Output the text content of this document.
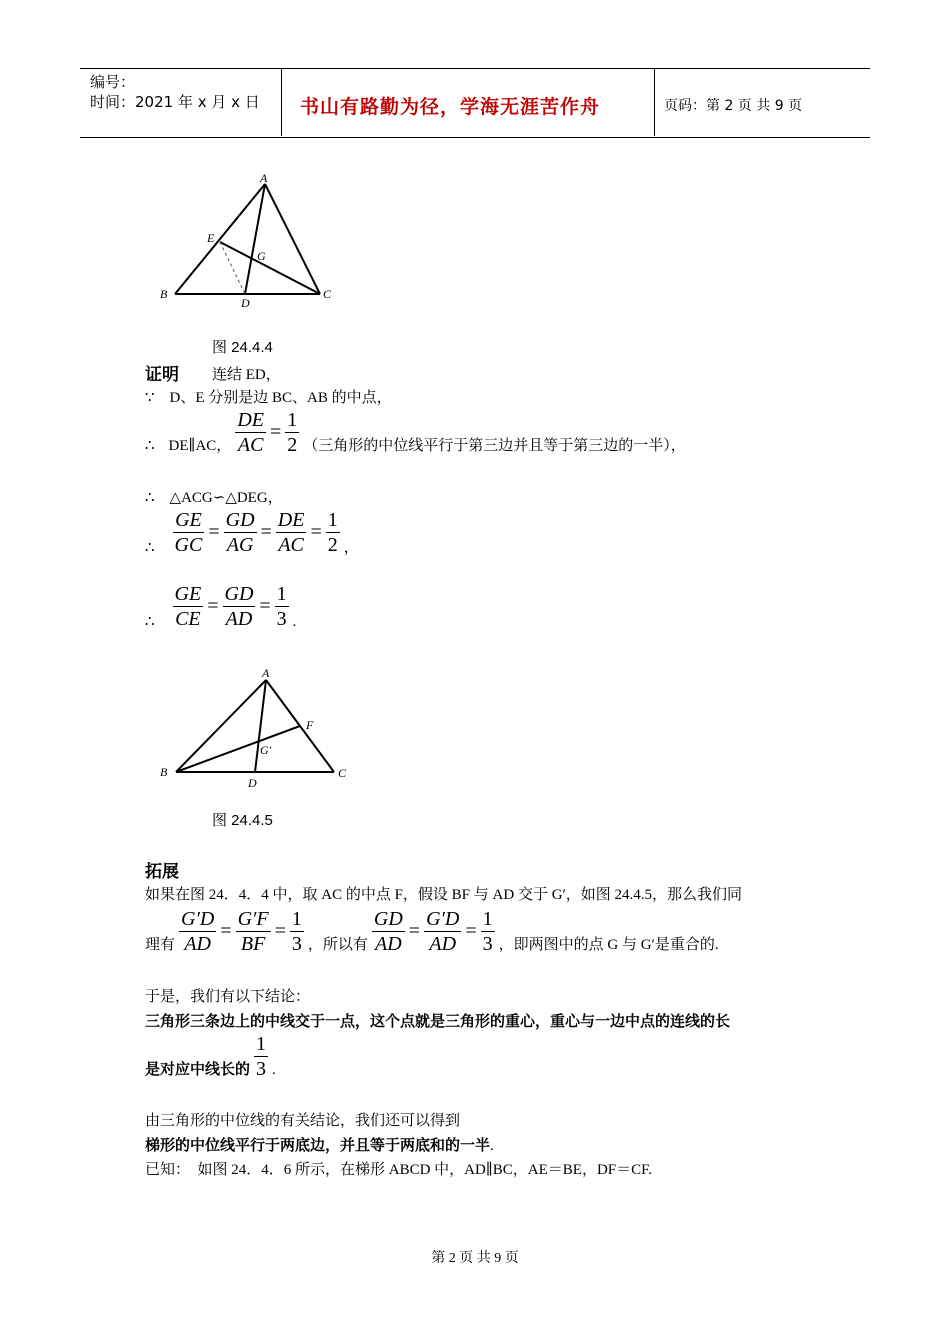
编号：
时间：2021 年 x 月 x 日 书山有路勤为径，学海无涯苦作舟	页码：第 2 页 共 9 页
A
B	C
D
E
G
图 24.4.4
证明 连结 ED，
∵　D、E 分别是边 BC、AB 的中点，
∴ DE∥AC， $\frac{DE}{AC} = \frac{1}{2}$ （三角形的中位线平行于第三边并且等于第三边的一半），
∴　△ACG∽△DEG，
∴ $\frac{GE}{GC} = \frac{GD}{AG} = \frac{DE}{AC} = \frac{1}{2}$ ，
∴ $\frac{GE}{CE} = \frac{GD}{AD} = \frac{1}{3}$ .
A
B	C
D
F
G′
图 24.4.5
拓展
如果在图 24．4．4 中，取 AC 的中点 F，假设 BF 与 AD 交于 G′，如图 24.4.5，那么我们同
理有 $\frac{G'D}{AD} = \frac{G'F}{BF} = \frac{1}{3}$ ，所以有 $\frac{GD}{AD} = \frac{G'D}{AD} = \frac{1}{3}$ ，即两图中的点 G 与 G′是重合的.
于是，我们有以下结论：
三角形三条边上的中线交于一点，这个点就是三角形的重心，重心与一边中点的连线的长
是对应中线长的 $\frac{1}{3}$ .
由三角形的中位线的有关结论，我们还可以得到
梯形的中位线平行于两底边，并且等于两底和的一半.
已知：　如图 24．4．6 所示，在梯形 ABCD 中，AD∥BC，AE＝BE，DF＝CF.
第 2 页 共 9 页
